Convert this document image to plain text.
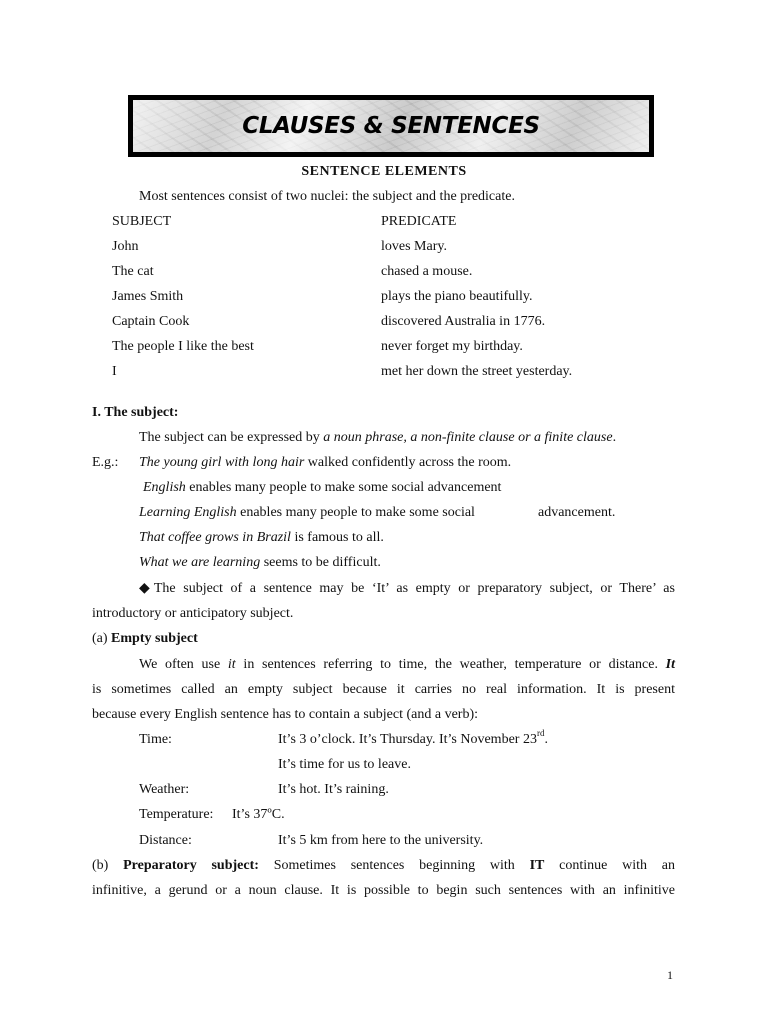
CLAUSES & SENTENCES
SENTENCE ELEMENTS
Most sentences consist of two nuclei: the subject and the predicate.
SUBJECT	PREDICATE
John	loves Mary.
The cat	chased a mouse.
James Smith	plays the piano beautifully.
Captain Cook	discovered Australia in 1776.
The people I like the best	never forget my birthday.
I	met her down the street yesterday.
I. The subject:
The subject can be expressed by a noun phrase, a non-finite clause or a finite clause.
E.g.: The young girl with long hair walked confidently across the room.
English enables many people to make some social advancement
Learning English enables many people to make some social	advancement.
That coffee grows in Brazil is famous to all.
What we are learning seems to be difficult.
◆The subject of a sentence may be ‘It’ as empty or preparatory subject, or There’ as
introductory or anticipatory subject.
(a) Empty subject
We often use it in sentences referring to time, the weather, temperature or distance. It
is sometimes called an empty subject because it carries no real information. It is present
because every English sentence has to contain a subject (and a verb):
Time:	It’s 3 o’clock. It’s Thursday. It’s November 23rd.
It’s time for us to leave.
Weather:	It’s hot. It’s raining.
Temperature: It’s 37ºC.
Distance:	It’s 5 km from here to the university.
(b) Preparatory subject: Sometimes sentences beginning with IT continue with an
infinitive, a gerund or a noun clause. It is possible to begin such sentences with an infinitive
1
